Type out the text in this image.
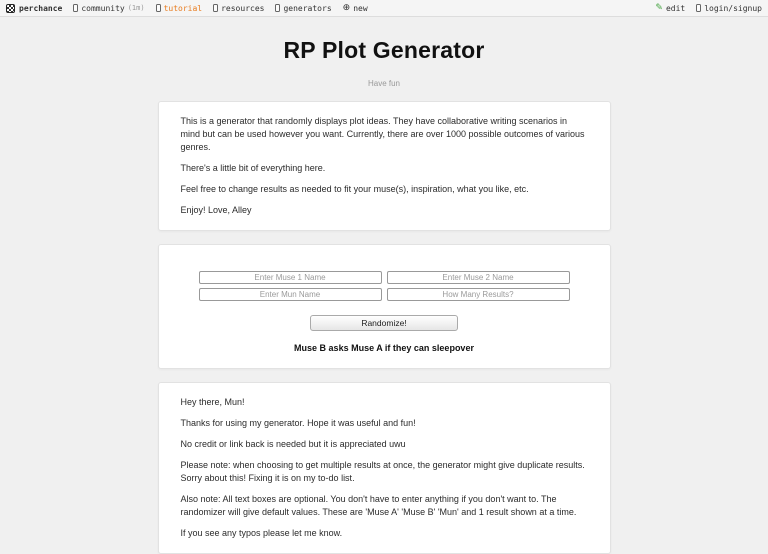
perchance community (1m) tutorial resources generators ⊕ new	✎ edit login/signup
RP Plot Generator
Have fun

This is a generator that randomly displays plot ideas. They have collaborative writing scenarios in mind but can be used however you want. Currently, there are over 1000 possible outcomes of various genres.

There's a little bit of everything here.

Feel free to change results as needed to fit your muse(s), inspiration, what you like, etc.

Enjoy! Love, Alley

Enter Muse 1 Name
Enter Muse 2 Name
Enter Mun Name
How Many Results?
Randomize!
Muse B asks Muse A if they can sleepover

Hey there, Mun!

Thanks for using my generator. Hope it was useful and fun!

No credit or link back is needed but it is appreciated uwu

Please note: when choosing to get multiple results at once, the generator might give duplicate results. Sorry about this! Fixing it is on my to-do list.

Also note: All text boxes are optional. You don't have to enter anything if you don't want to. The randomizer will give default values. These are 'Muse A' 'Muse B' 'Mun' and 1 result shown at a time.

If you see any typos please let me know.
